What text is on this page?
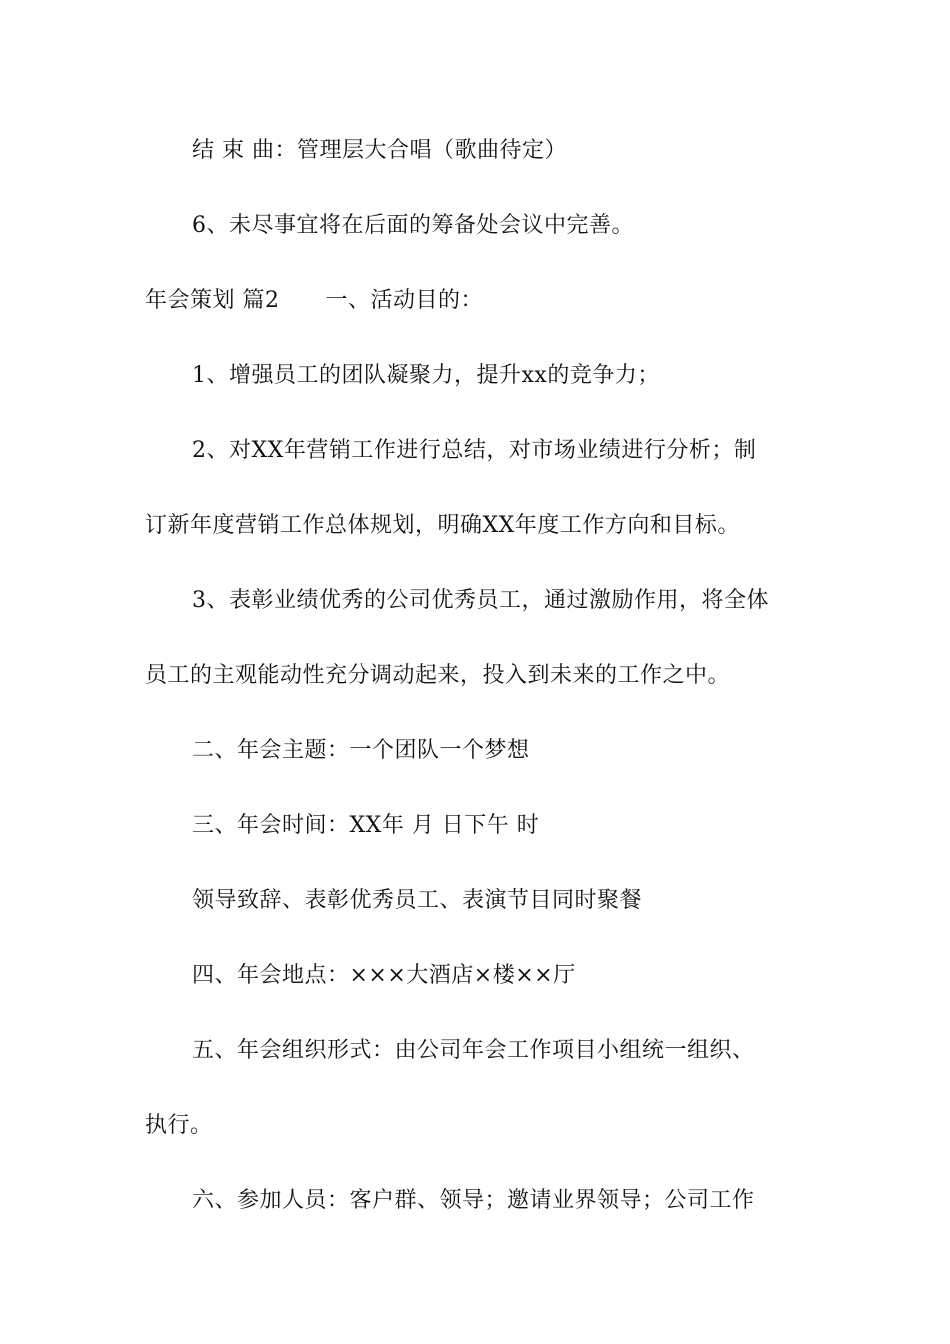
结 束 曲：管理层大合唱（歌曲待定）
6、未尽事宜将在后面的筹备处会议中完善。
年会策划 篇2 一、活动目的：
1、增强员工的团队凝聚力，提升xx的竞争力；
2、对XX年营销工作进行总结，对市场业绩进行分析；制
订新年度营销工作总体规划，明确XX年度工作方向和目标。
3、表彰业绩优秀的公司优秀员工，通过激励作用，将全体
员工的主观能动性充分调动起来，投入到未来的工作之中。
二、年会主题：一个团队一个梦想
三、年会时间：XX年 月 日下午 时
领导致辞、表彰优秀员工、表演节目同时聚餐
四、年会地点：×××大酒店×楼××厅
五、年会组织形式：由公司年会工作项目小组统一组织、
执行。
六、参加人员：客户群、领导；邀请业界领导；公司工作
